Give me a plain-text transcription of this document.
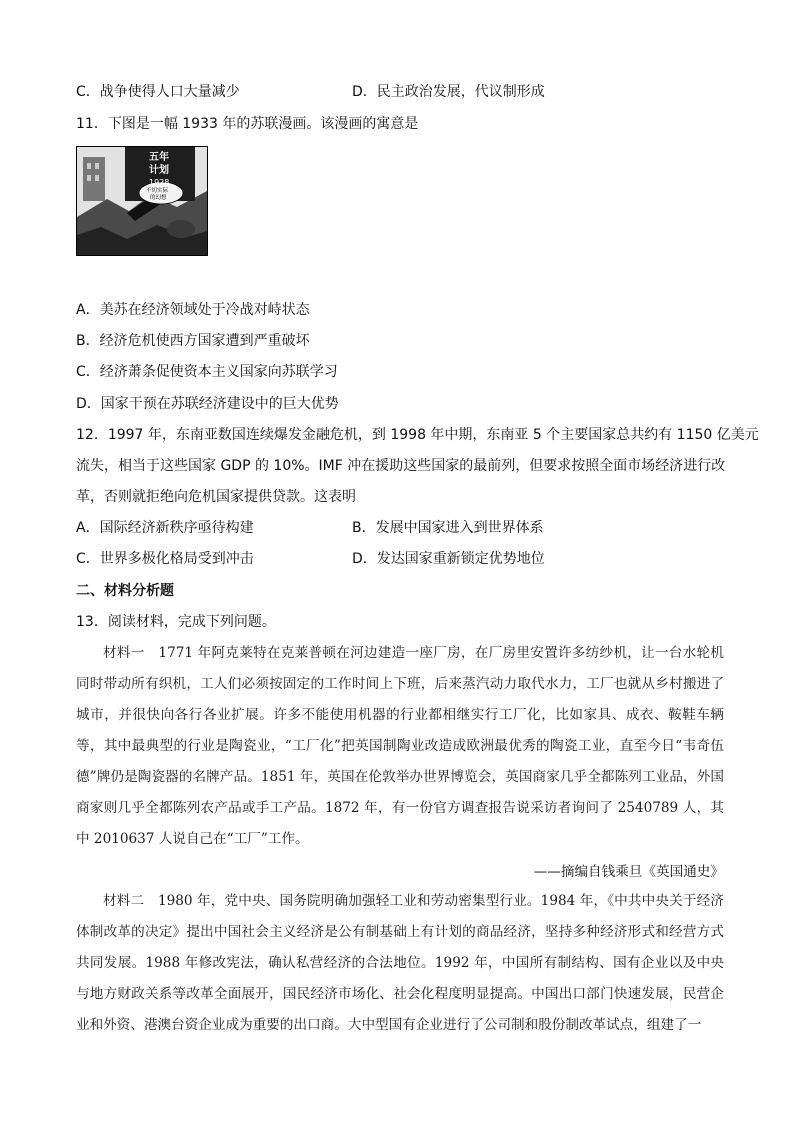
C．战争使得人口大量减少	D．民主政治发展，代议制形成
11．下图是一幅 1933 年的苏联漫画。该漫画的寓意是
五年
计划
1928
不切实际
的幻想
A．美苏在经济领域处于冷战对峙状态
B．经济危机使西方国家遭到严重破坏
C．经济萧条促使资本主义国家向苏联学习
D．国家干预在苏联经济建设中的巨大优势
12．1997 年，东南亚数国连续爆发金融危机，到 1998 年中期，东南亚 5 个主要国家总共约有 1150 亿美元
流失，相当于这些国家 GDP 的 10%。IMF 冲在援助这些国家的最前列，但要求按照全面市场经济进行改
革，否则就拒绝向危机国家提供贷款。这表明
A．国际经济新秩序亟待构建	B．发展中国家进入到世界体系
C．世界多极化格局受到冲击	D．发达国家重新锁定优势地位
二、材料分析题
13．阅读材料，完成下列问题。
材料一　1771 年阿克莱特在克莱普顿在河边建造一座厂房，在厂房里安置许多纺纱机，让一台水轮机同时带动所有织机，工人们必须按固定的工作时间上下班，后来蒸汽动力取代水力，工厂也就从乡村搬进了城市，并很快向各行各业扩展。许多不能使用机器的行业都相继实行工厂化，比如家具、成衣、鞍鞋车辆等，其中最典型的行业是陶瓷业，“工厂化”把英国制陶业改造成欧洲最优秀的陶瓷工业，直至今日“韦奇伍德”牌仍是陶瓷器的名牌产品。1851 年，英国在伦敦举办世界博览会，英国商家几乎全都陈列工业品，外国商家则几乎全都陈列农产品或手工产品。1872 年，有一份官方调查报告说采访者询问了 2540789 人，其中 2010637 人说自己在“工厂”工作。
——摘编自钱乘旦《英国通史》
材料二　1980 年，党中央、国务院明确加强轻工业和劳动密集型行业。1984 年，《中共中央关于经济体制改革的决定》提出中国社会主义经济是公有制基础上有计划的商品经济，坚持多种经济形式和经营方式共同发展。1988 年修改宪法，确认私营经济的合法地位。1992 年，中国所有制结构、国有企业以及中央与地方财政关系等改革全面展开，国民经济市场化、社会化程度明显提高。中国出口部门快速发展，民营企业和外资、港澳台资企业成为重要的出口商。大中型国有企业进行了公司制和股份制改革试点，组建了一
